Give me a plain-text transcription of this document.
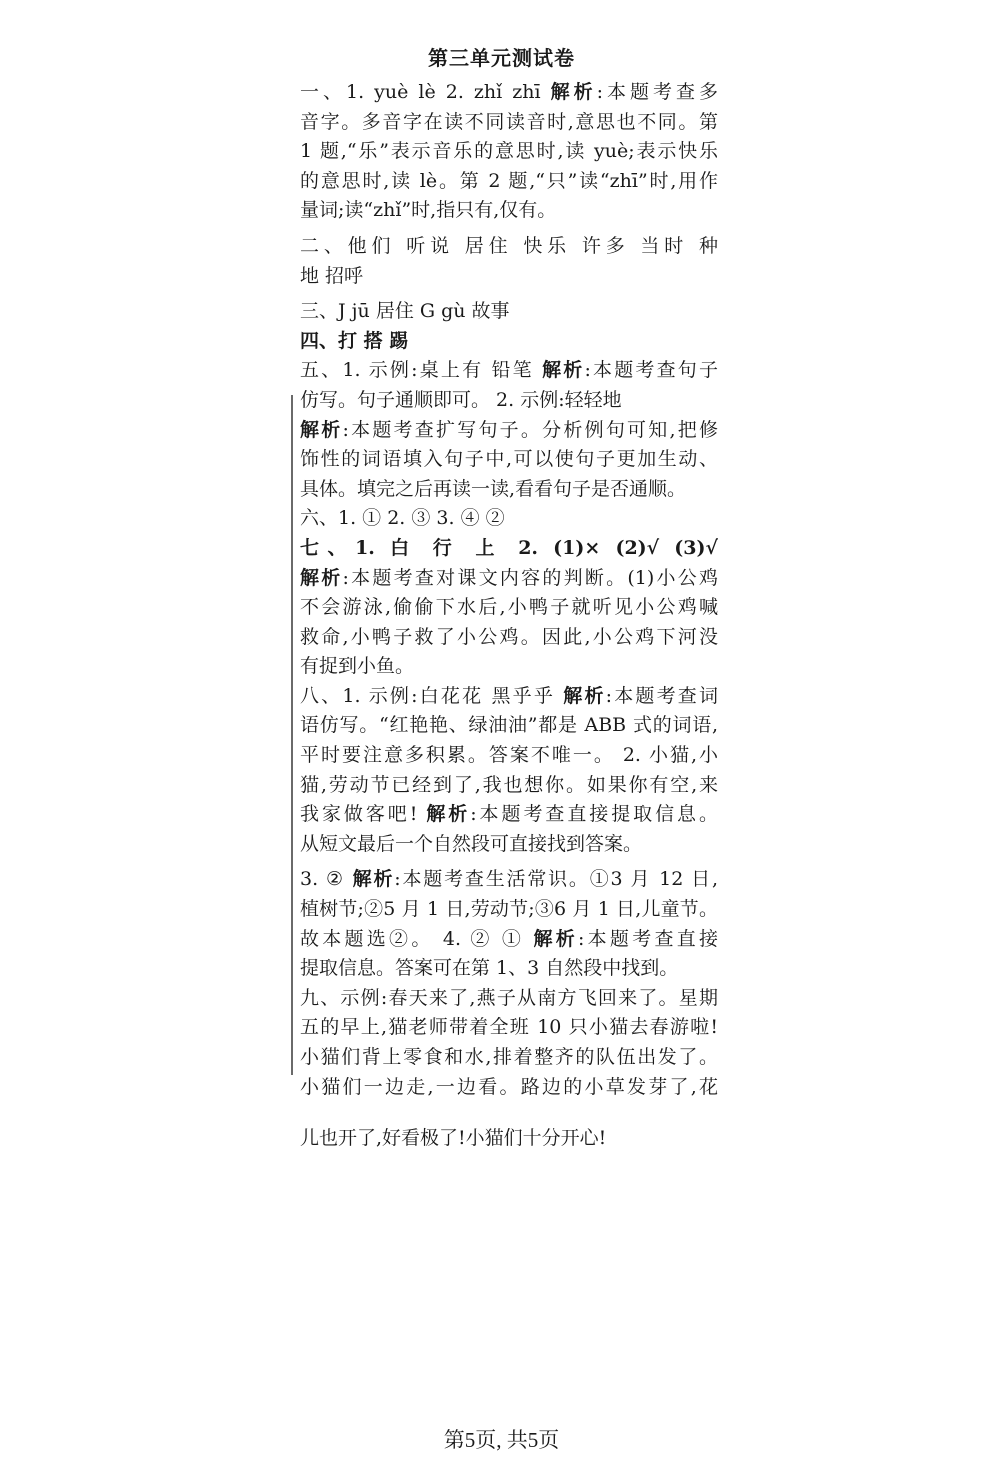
第三单元测试卷
一、1. yuè lè 2. zhǐ zhī 解析:本题考查多
音字。多音字在读不同读音时,意思也不同。第
1 题,“乐”表示音乐的意思时,读 yuè;表示快乐
的意思时,读 lè。第 2 题,“只”读“zhī”时,用作
量词;读“zhǐ”时,指只有,仅有。
二、他们 听说 居住 快乐 许多 当时 种
地 招呼
三、J jū 居住 G gù 故事
四、打 搭 踢
五、1. 示例:桌上有 铅笔 解析:本题考查句子
仿写。句子通顺即可。 2. 示例:轻轻地
解析:本题考查扩写句子。分析例句可知,把修
饰性的词语填入句子中,可以使句子更加生动、
具体。填完之后再读一读,看看句子是否通顺。
六、1. ① 2. ③ 3. ④ ②
七、1. 白 行 上 2. (1)× (2)√ (3)√
解析:本题考查对课文内容的判断。(1)小公鸡
不会游泳,偷偷下水后,小鸭子就听见小公鸡喊
救命,小鸭子救了小公鸡。因此,小公鸡下河没
有捉到小鱼。
八、1. 示例:白花花 黑乎乎 解析:本题考查词
语仿写。“红艳艳、绿油油”都是 ABB 式的词语,
平时要注意多积累。答案不唯一。 2. 小猫,小
猫,劳动节已经到了,我也想你。如果你有空,来
我家做客吧! 解析:本题考查直接提取信息。
从短文最后一个自然段可直接找到答案。
3. ② 解析:本题考查生活常识。①3 月 12 日,
植树节;②5 月 1 日,劳动节;③6 月 1 日,儿童节。
故本题选②。 4. ② ① 解析:本题考查直接
提取信息。答案可在第 1、3 自然段中找到。
九、示例:春天来了,燕子从南方飞回来了。星期
五的早上,猫老师带着全班 10 只小猫去春游啦!
小猫们背上零食和水,排着整齐的队伍出发了。
小猫们一边走,一边看。路边的小草发芽了,花
儿也开了,好看极了!小猫们十分开心!
第5页, 共5页
